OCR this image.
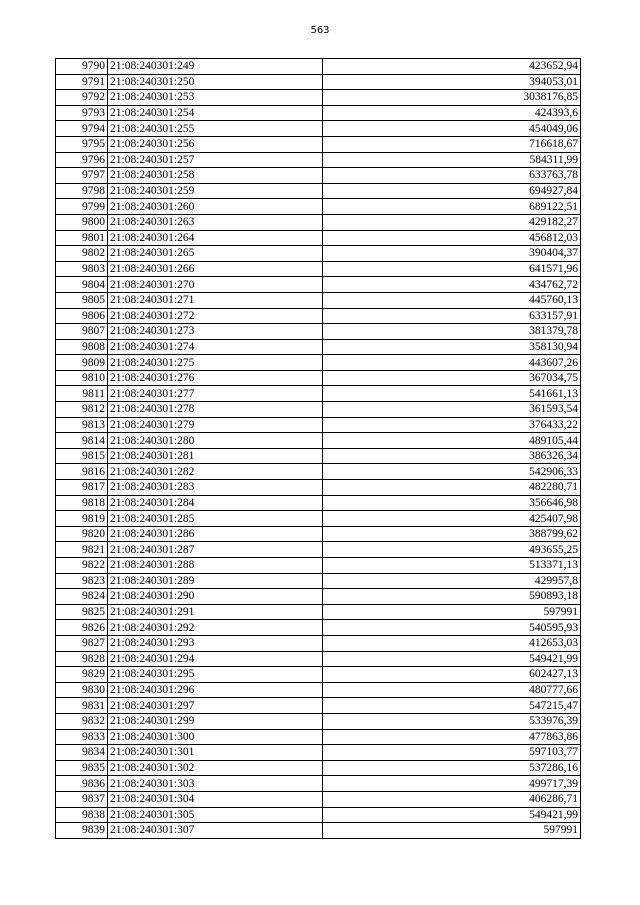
563
9790	21:08:240301:249	423652,94
9791	21:08:240301:250	394053,01
9792	21:08:240301:253	3038176,85
9793	21:08:240301:254	424393,6
9794	21:08:240301:255	454049,06
9795	21:08:240301:256	716618,67
9796	21:08:240301:257	584311,99
9797	21:08:240301:258	633763,78
9798	21:08:240301:259	694927,84
9799	21:08:240301:260	689122,51
9800	21:08:240301:263	429182,27
9801	21:08:240301:264	456812,03
9802	21:08:240301:265	390404,37
9803	21:08:240301:266	641571,96
9804	21:08:240301:270	434762,72
9805	21:08:240301:271	445760,13
9806	21:08:240301:272	633157,91
9807	21:08:240301:273	381379,78
9808	21:08:240301:274	358130,94
9809	21:08:240301:275	443607,26
9810	21:08:240301:276	367034,75
9811	21:08:240301:277	541661,13
9812	21:08:240301:278	361593,54
9813	21:08:240301:279	376433,22
9814	21:08:240301:280	489105,44
9815	21:08:240301:281	386326,34
9816	21:08:240301:282	542906,33
9817	21:08:240301:283	482280,71
9818	21:08:240301:284	356646,98
9819	21:08:240301:285	425407,98
9820	21:08:240301:286	388799,62
9821	21:08:240301:287	493655,25
9822	21:08:240301:288	513371,13
9823	21:08:240301:289	429957,8
9824	21:08:240301:290	590893,18
9825	21:08:240301:291	597991
9826	21:08:240301:292	540595,93
9827	21:08:240301:293	412653,03
9828	21:08:240301:294	549421,99
9829	21:08:240301:295	602427,13
9830	21:08:240301:296	480777,66
9831	21:08:240301:297	547215,47
9832	21:08:240301:299	533976,39
9833	21:08:240301:300	477863,86
9834	21:08:240301:301	597103,77
9835	21:08:240301:302	537286,16
9836	21:08:240301:303	499717,39
9837	21:08:240301:304	406286,71
9838	21:08:240301:305	549421,99
9839	21:08:240301:307	597991
